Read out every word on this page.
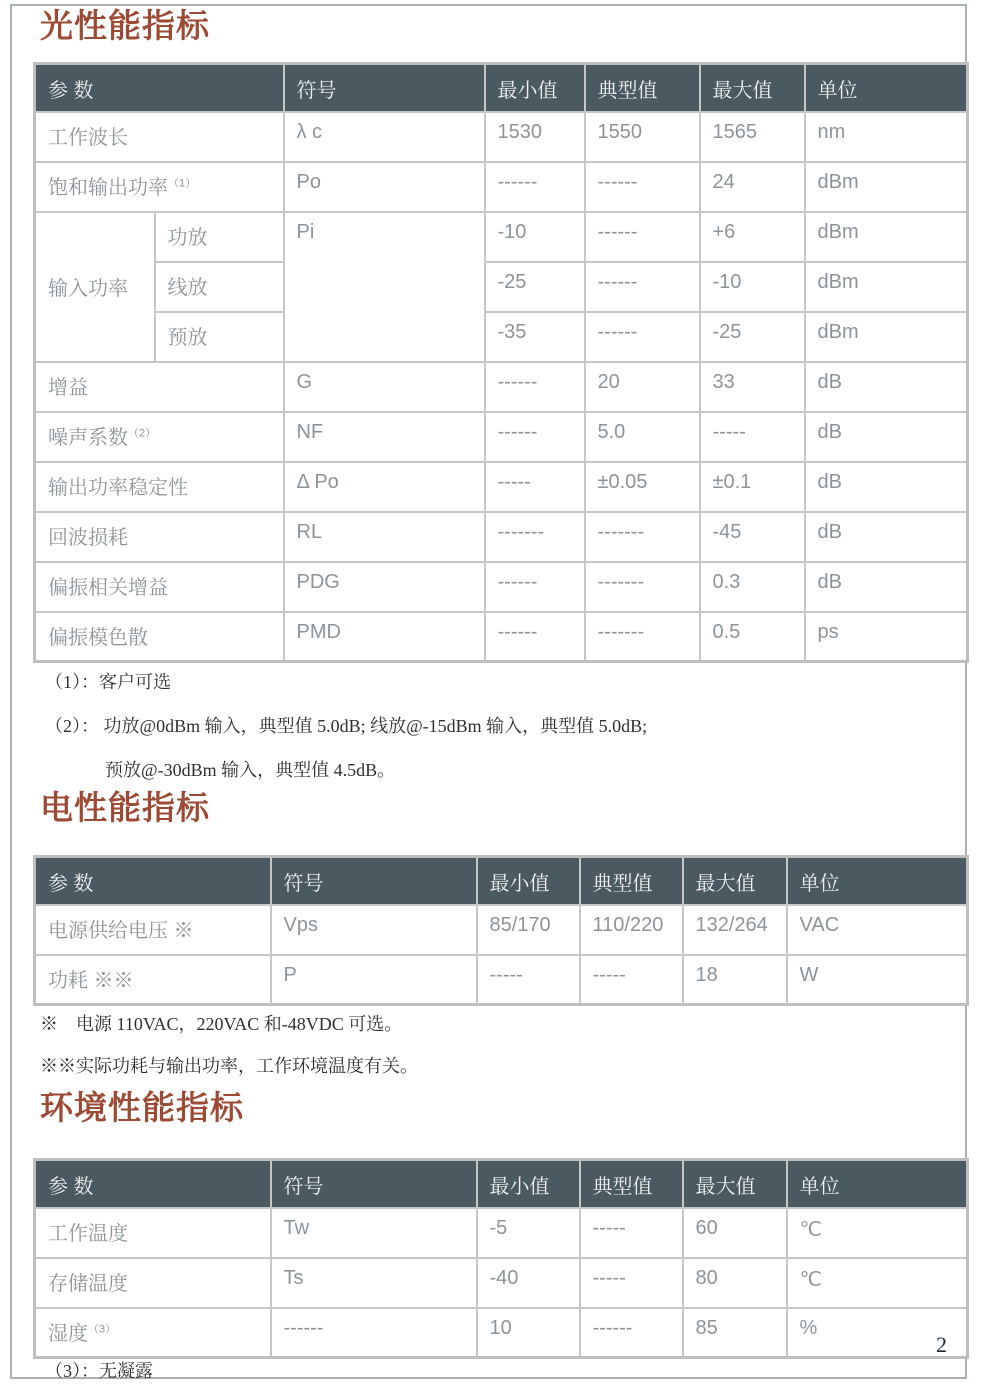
光性能指标
参 数		符号	最小值	典型值	最大值	单位
工作波长		λ c	1530	1550	1565	nm
饱和输出功率$^{(1)}$		Po	------	------	24	dBm
输入功率	功放	Pi	-10	------	+6	dBm
	线放		-25	------	-10	dBm
	预放		-35	------	-25	dBm
增益		G	------	20	33	dB
噪声系数$^{(2)}$		NF	------	5.0	-----	dB
输出功率稳定性		Δ Po	-----	±0.05	±0.1	dB
回波损耗		RL	-------	-------	-45	dB
偏振相关增益		PDG	------	-------	0.3	dB
偏振模色散		PMD	------	-------	0.5	ps
（1）：客户可选
（2）： 功放@0dBm 输入，典型值 5.0dB; 线放@-15dBm 输入，典型值 5.0dB;
预放@-30dBm 输入，典型值 4.5dB。
电性能指标
参 数	符号	最小值	典型值	最大值	单位
电源供给电压 ※	Vps	85/170	110/220	132/264	VAC
功耗 ※※	P	-----	-----	18	W
※　电源 110VAC，220VAC 和-48VDC 可选。
※※实际功耗与输出功率，工作环境温度有关。
环境性能指标
参 数	符号	最小值	典型值	最大值	单位
工作温度	Tw	-5	-----	60	℃
存储温度	Ts	-40	-----	80	℃
湿度$^{(3)}$	------	10	------	85	%
（3）：无凝露
2
